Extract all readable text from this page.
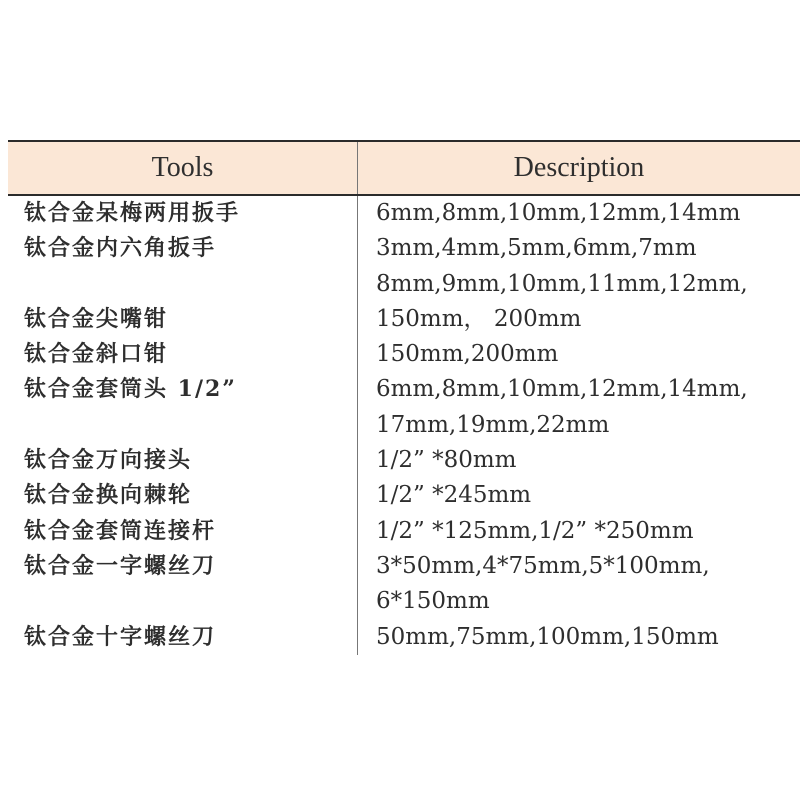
Tools	Description
钛合金呆梅两用扳手	6mm,8mm,10mm,12mm,14mm
钛合金内六角扳手	3mm,4mm,5mm,6mm,7mm
8mm,9mm,10mm,11mm,12mm,
钛合金尖嘴钳	150mm， 200mm
钛合金斜口钳	150mm,200mm
钛合金套筒头 1/2”	6mm,8mm,10mm,12mm,14mm,
17mm,19mm,22mm
钛合金万向接头	1/2” *80mm
钛合金换向棘轮	1/2” *245mm
钛合金套筒连接杆	1/2” *125mm,1/2” *250mm
钛合金一字螺丝刀	3*50mm,4*75mm,5*100mm,
6*150mm
钛合金十字螺丝刀	50mm,75mm,100mm,150mm
